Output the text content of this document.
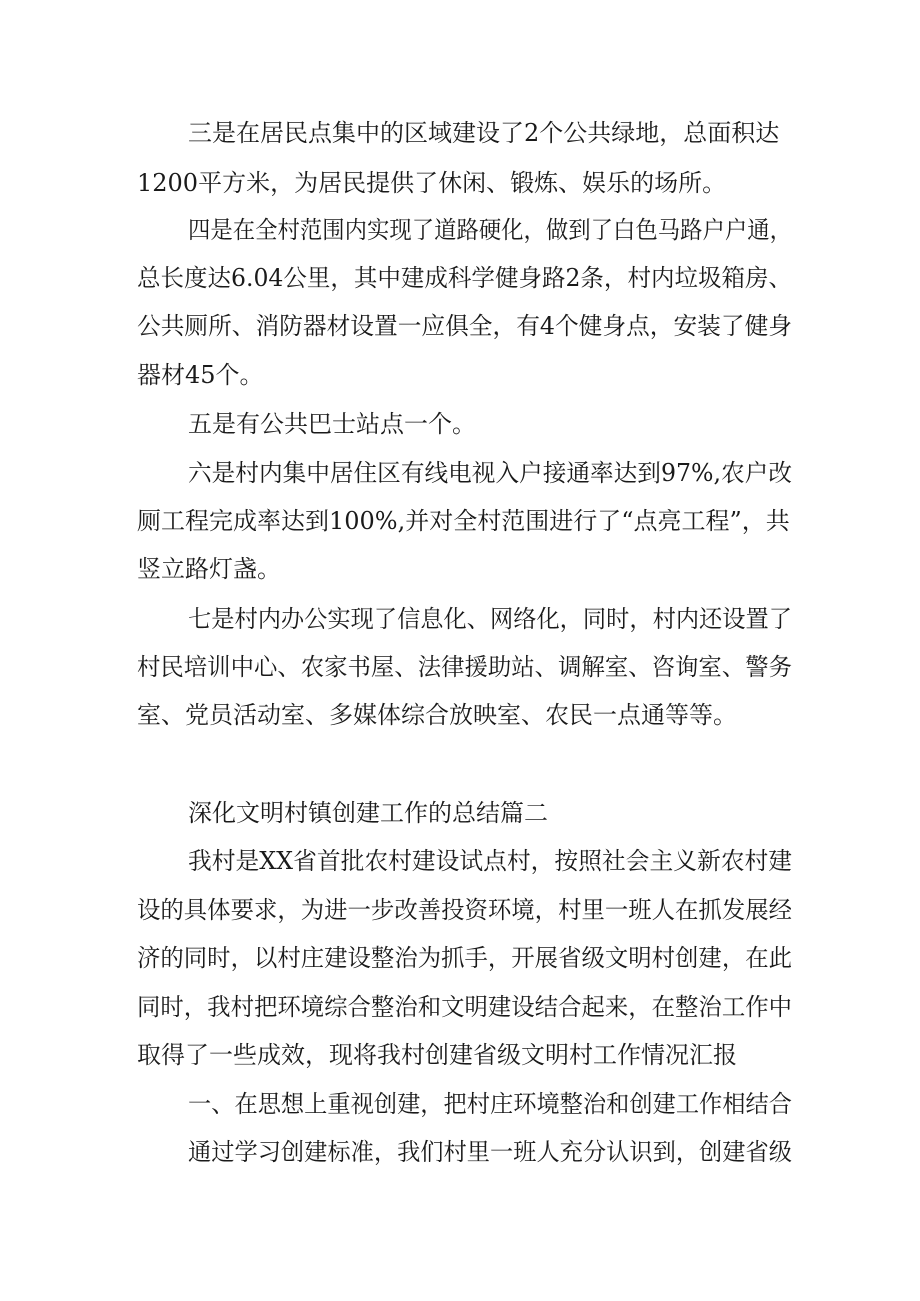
三是在居民点集中的区域建设了2个公共绿地，总面积达
1200平方米，为居民提供了休闲、锻炼、娱乐的场所。
四是在全村范围内实现了道路硬化，做到了白色马路户户通，
总长度达6.04公里，其中建成科学健身路2条，村内垃圾箱房、
公共厕所、消防器材设置一应俱全，有4个健身点，安装了健身
器材45个。
五是有公共巴士站点一个。
六是村内集中居住区有线电视入户接通率达到97%,农户改
厕工程完成率达到100%,并对全村范围进行了“点亮工程”，共
竖立路灯盏。
七是村内办公实现了信息化、网络化，同时，村内还设置了
村民培训中心、农家书屋、法律援助站、调解室、咨询室、警务
室、党员活动室、多媒体综合放映室、农民一点通等等。
深化文明村镇创建工作的总结篇二
我村是XX省首批农村建设试点村，按照社会主义新农村建
设的具体要求，为进一步改善投资环境，村里一班人在抓发展经
济的同时，以村庄建设整治为抓手，开展省级文明村创建，在此
同时，我村把环境综合整治和文明建设结合起来，在整治工作中
取得了一些成效，现将我村创建省级文明村工作情况汇报
一、在思想上重视创建，把村庄环境整治和创建工作相结合
通过学习创建标准，我们村里一班人充分认识到，创建省级
